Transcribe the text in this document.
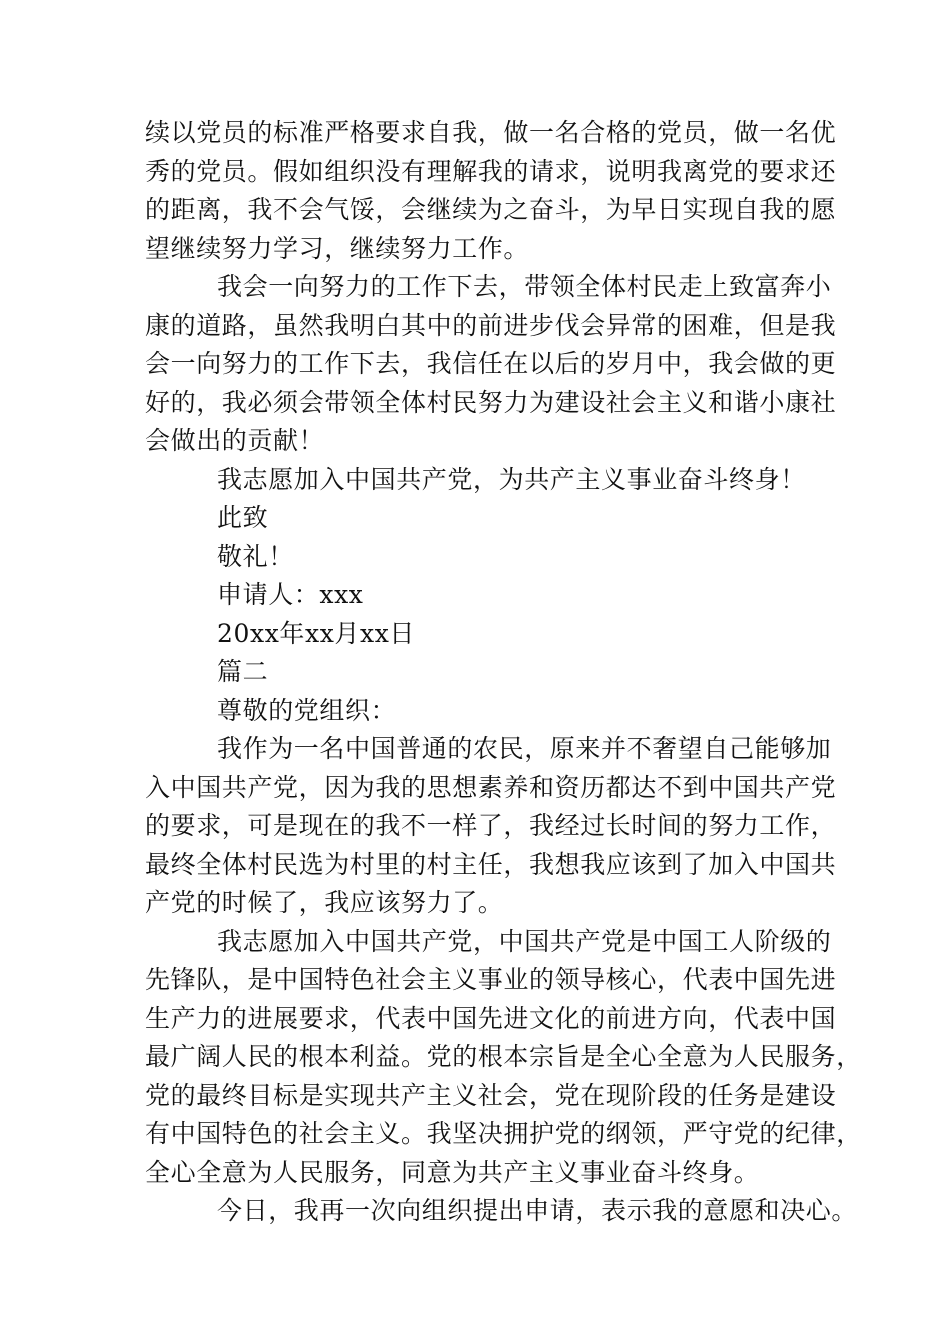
续以党员的标准严格要求自我，做一名合格的党员，做一名优
秀的党员。假如组织没有理解我的请求，说明我离党的要求还
的距离，我不会气馁，会继续为之奋斗，为早日实现自我的愿
望继续努力学习，继续努力工作。
我会一向努力的工作下去，带领全体村民走上致富奔小
康的道路，虽然我明白其中的前进步伐会异常的困难，但是我
会一向努力的工作下去，我信任在以后的岁月中，我会做的更
好的，我必须会带领全体村民努力为建设社会主义和谐小康社
会做出的贡献！
我志愿加入中国共产党，为共产主义事业奋斗终身！
此致
敬礼！
申请人：xxx
20xx年xx月xx日
篇二
尊敬的党组织：
我作为一名中国普通的农民，原来并不奢望自己能够加
入中国共产党，因为我的思想素养和资历都达不到中国共产党
的要求，可是现在的我不一样了，我经过长时间的努力工作，
最终全体村民选为村里的村主任，我想我应该到了加入中国共
产党的时候了，我应该努力了。
我志愿加入中国共产党，中国共产党是中国工人阶级的
先锋队，是中国特色社会主义事业的领导核心，代表中国先进
生产力的进展要求，代表中国先进文化的前进方向，代表中国
最广阔人民的根本利益。党的根本宗旨是全心全意为人民服务，
党的最终目标是实现共产主义社会，党在现阶段的任务是建设
有中国特色的社会主义。我坚决拥护党的纲领，严守党的纪律，
全心全意为人民服务，同意为共产主义事业奋斗终身。
今日，我再一次向组织提出申请，表示我的意愿和决心。
